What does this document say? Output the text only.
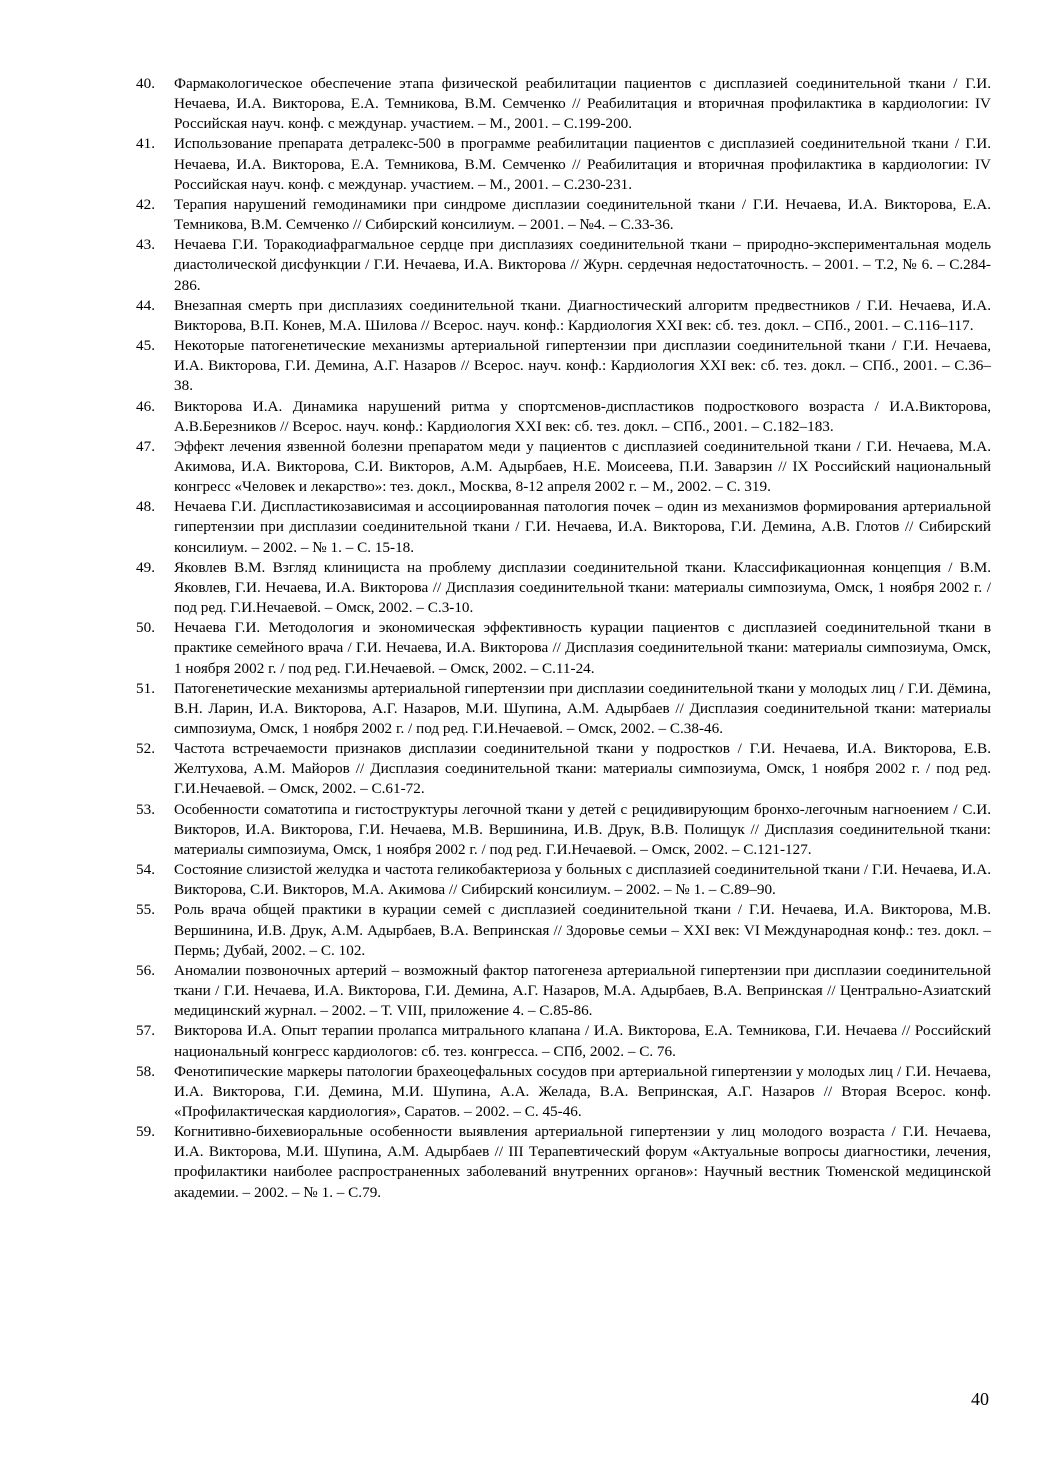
40.	Фармакологическое обеспечение этапа физической реабилитации пациентов с дисплазией соединительной ткани / Г.И. Нечаева, И.А. Викторова, Е.А. Темникова, В.М. Семченко // Реабилитация и вторичная профилактика в кардиологии: IV Российская науч. конф. с междунар. участием. – М., 2001. – С.199-200.
41.	Использование препарата детралекс-500 в программе реабилитации пациентов с дисплазией соединительной ткани / Г.И. Нечаева, И.А. Викторова, Е.А. Темникова, В.М. Семченко // Реабилитация и вторичная профилактика в кардиологии: IV Российская науч. конф. с междунар. участием. – М., 2001. – С.230-231.
42.	Терапия нарушений гемодинамики при синдроме дисплазии соединительной ткани / Г.И. Нечаева, И.А. Викторова, Е.А. Темникова, В.М. Семченко // Сибирский консилиум. – 2001. – №4. – С.33-36.
43.	Нечаева Г.И. Торакодиафрагмальное сердце при дисплазиях соединительной ткани – природно-экспериментальная модель диастолической дисфункции / Г.И. Нечаева, И.А. Викторова // Журн. сердечная недостаточность. – 2001. – Т.2, № 6. – С.284-286.
44.	Внезапная смерть при дисплазиях соединительной ткани. Диагностический алгоритм предвестников / Г.И. Нечаева, И.А. Викторова, В.П. Конев, М.А. Шилова // Всерос. науч. конф.: Кардиология XXI век: сб. тез. докл. – СПб., 2001. – С.116–117.
45.	Некоторые патогенетические механизмы артериальной гипертензии при дисплазии соединительной ткани / Г.И. Нечаева, И.А. Викторова, Г.И. Демина, А.Г. Назаров // Всерос. науч. конф.: Кардиология XXI век: сб. тез. докл. – СПб., 2001. – С.36–38.
46.	Викторова И.А. Динамика нарушений ритма у спортсменов-диспластиков подросткового возраста / И.А.Викторова, А.В.Березников // Всерос. науч. конф.: Кардиология XXI век: сб. тез. докл. – СПб., 2001. – С.182–183.
47.	Эффект лечения язвенной болезни препаратом меди у пациентов с дисплазией соединительной ткани / Г.И. Нечаева, М.А. Акимова, И.А. Викторова, С.И. Викторов, А.М. Адырбаев, Н.Е. Моисеева, П.И. Заварзин // IX Российский национальный конгресс «Человек и лекарство»: тез. докл., Москва, 8-12 апреля 2002 г. – М., 2002. – С. 319.
48.	Нечаева Г.И. Диспластикозависимая и ассоциированная патология почек – один из механизмов формирования артериальной гипертензии при дисплазии соединительной ткани / Г.И. Нечаева, И.А. Викторова, Г.И. Демина, А.В. Глотов // Сибирский консилиум. – 2002. – № 1. – С. 15-18.
49.	Яковлев В.М. Взгляд клинициста на проблему дисплазии соединительной ткани. Классификационная концепция / В.М. Яковлев, Г.И. Нечаева, И.А. Викторова // Дисплазия соединительной ткани: материалы симпозиума, Омск, 1 ноября 2002 г. / под ред. Г.И.Нечаевой. – Омск, 2002. – С.3-10.
50.	Нечаева Г.И. Методология и экономическая эффективность курации пациентов с дисплазией соединительной ткани в практике семейного врача / Г.И. Нечаева, И.А. Викторова // Дисплазия соединительной ткани: материалы симпозиума, Омск, 1 ноября 2002 г. / под ред. Г.И.Нечаевой. – Омск, 2002. – С.11-24.
51.	Патогенетические механизмы артериальной гипертензии при дисплазии соединительной ткани у молодых лиц / Г.И. Дёмина, В.Н. Ларин, И.А. Викторова, А.Г. Назаров, М.И. Шупина, А.М. Адырбаев // Дисплазия соединительной ткани: материалы симпозиума, Омск, 1 ноября 2002 г. / под ред. Г.И.Нечаевой. – Омск, 2002. – С.38-46.
52.	Частота встречаемости признаков дисплазии соединительной ткани у подростков / Г.И. Нечаева, И.А. Викторова, Е.В. Желтухова, А.М. Майоров // Дисплазия соединительной ткани: материалы симпозиума, Омск, 1 ноября 2002 г. / под ред. Г.И.Нечаевой. – Омск, 2002. – С.61-72.
53.	Особенности соматотипа и гистоструктуры легочной ткани у детей с рецидивирующим бронхо-легочным нагноением / С.И. Викторов, И.А. Викторова, Г.И. Нечаева, М.В. Вершинина, И.В. Друк, В.В. Полищук // Дисплазия соединительной ткани: материалы симпозиума, Омск, 1 ноября 2002 г. / под ред. Г.И.Нечаевой. – Омск, 2002. – С.121-127.
54.	Состояние слизистой желудка и частота геликобактериоза у больных с дисплазией соединительной ткани / Г.И. Нечаева, И.А. Викторова, С.И. Викторов, М.А. Акимова // Сибирский консилиум. – 2002. – № 1. – С.89–90.
55.	Роль врача общей практики в курации семей с дисплазией соединительной ткани / Г.И. Нечаева, И.А. Викторова, М.В. Вершинина, И.В. Друк, А.М. Адырбаев, В.А. Вепринская // Здоровье семьи – XXI век: VI Международная конф.: тез. докл. – Пермь; Дубай, 2002. – С. 102.
56.	Аномалии позвоночных артерий – возможный фактор патогенеза артериальной гипертензии при дисплазии соединительной ткани / Г.И. Нечаева, И.А. Викторова, Г.И. Демина, А.Г. Назаров, М.А. Адырбаев, В.А. Вепринская // Центрально-Азиатский медицинский журнал. – 2002. – Т. VIII, приложение 4. – С.85-86.
57.	Викторова И.А. Опыт терапии пролапса митрального клапана / И.А. Викторова, Е.А. Темникова, Г.И. Нечаева // Российский национальный конгресс кардиологов: сб. тез. конгресса. – СПб, 2002. – С. 76.
58.	Фенотипические маркеры патологии брахеоцефальных сосудов при артериальной гипертензии у молодых лиц / Г.И. Нечаева, И.А. Викторова, Г.И. Демина, М.И. Шупина, А.А. Желада, В.А. Вепринская, А.Г. Назаров // Вторая Всерос. конф. «Профилактическая кардиология», Саратов. – 2002. – С. 45-46.
59.	Когнитивно-бихевиоральные особенности выявления артериальной гипертензии у лиц молодого возраста / Г.И. Нечаева, И.А. Викторова, М.И. Шупина, А.М. Адырбаев // III Терапевтический форум «Актуальные вопросы диагностики, лечения, профилактики наиболее распространенных заболеваний внутренних органов»: Научный вестник Тюменской медицинской академии. – 2002. – № 1. – С.79.
40
